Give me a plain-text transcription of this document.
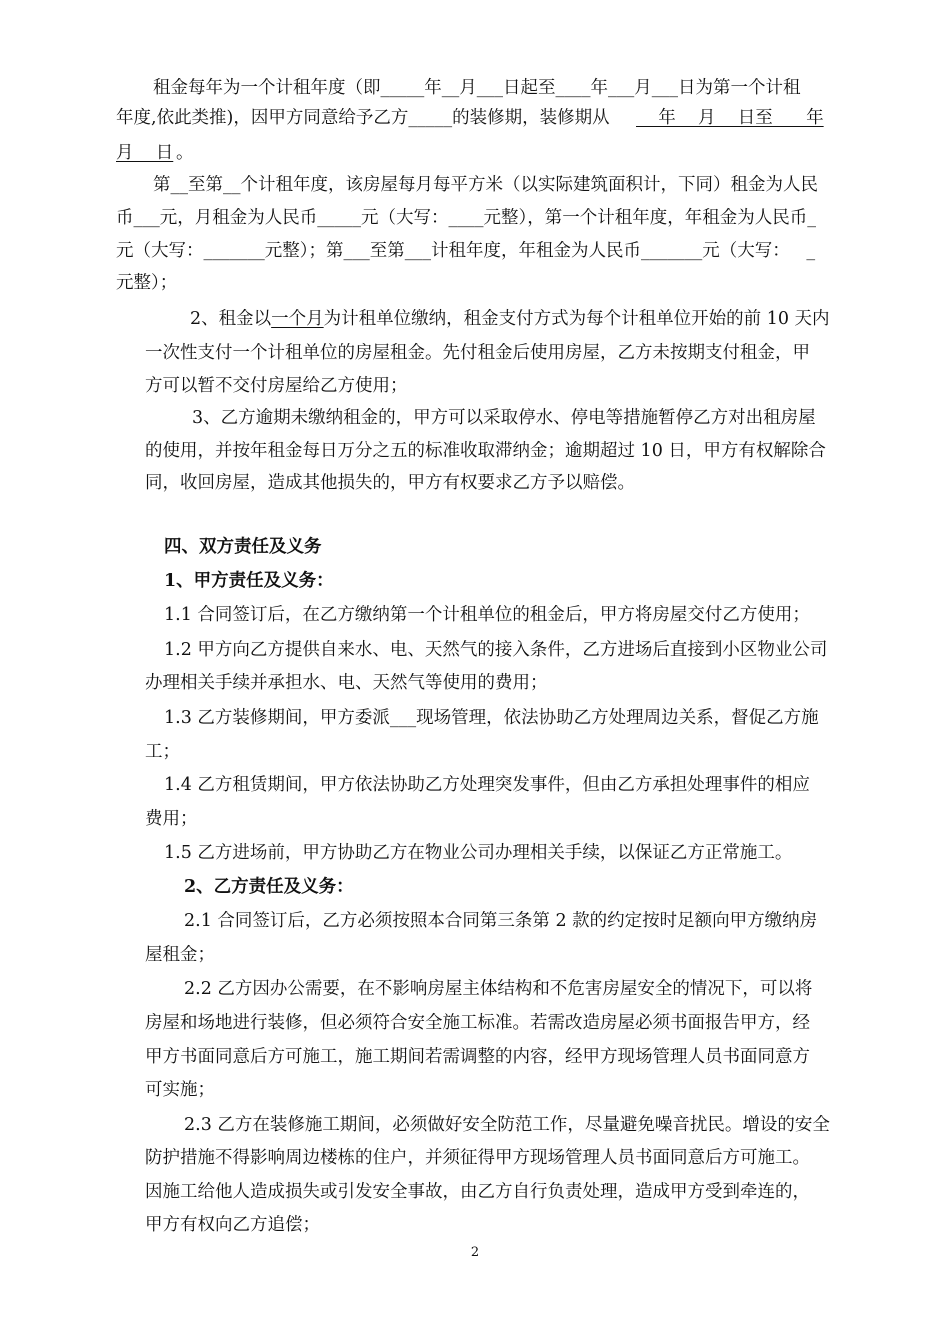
租金每年为一个计租年度（即_____年__月___日起至____年___月___日为第一个计租
年度,依此类推)，因甲方同意给予乙方_____的装修期，装修期从 年    月    日至      年
月    日 。
第__至第__个计租年度，该房屋每月每平方米（以实际建筑面积计，下同）租金为人民
币___元，月租金为人民币_____元（大写：____元整），第一个计租年度，年租金为人民币_
元（大写：_______元整）；第___至第___计租年度，年租金为人民币_______元（大写：   _
元整）；
2、租金以一个月为计租单位缴纳，租金支付方式为每个计租单位开始的前 10 天内
一次性支付一个计租单位的房屋租金。先付租金后使用房屋，乙方未按期支付租金，甲
方可以暂不交付房屋给乙方使用；
3、乙方逾期未缴纳租金的，甲方可以采取停水、停电等措施暂停乙方对出租房屋
的使用，并按年租金每日万分之五的标准收取滞纳金；逾期超过 10 日，甲方有权解除合
同，收回房屋，造成其他损失的，甲方有权要求乙方予以赔偿。
四、双方责任及义务
1、甲方责任及义务：
1.1 合同签订后，在乙方缴纳第一个计租单位的租金后，甲方将房屋交付乙方使用；
1.2 甲方向乙方提供自来水、电、天然气的接入条件，乙方进场后直接到小区物业公司
办理相关手续并承担水、电、天然气等使用的费用；
1.3 乙方装修期间，甲方委派___现场管理，依法协助乙方处理周边关系，督促乙方施
工；
1.4 乙方租赁期间，甲方依法协助乙方处理突发事件，但由乙方承担处理事件的相应
费用；
1.5 乙方进场前，甲方协助乙方在物业公司办理相关手续，以保证乙方正常施工。
2、乙方责任及义务：
2.1 合同签订后，乙方必须按照本合同第三条第 2 款的约定按时足额向甲方缴纳房
屋租金；
2.2 乙方因办公需要，在不影响房屋主体结构和不危害房屋安全的情况下，可以将
房屋和场地进行装修，但必须符合安全施工标准。若需改造房屋必须书面报告甲方，经
甲方书面同意后方可施工，施工期间若需调整的内容，经甲方现场管理人员书面同意方
可实施；
2.3 乙方在装修施工期间，必须做好安全防范工作，尽量避免噪音扰民。增设的安全
防护措施不得影响周边楼栋的住户，并须征得甲方现场管理人员书面同意后方可施工。
因施工给他人造成损失或引发安全事故，由乙方自行负责处理，造成甲方受到牵连的，
甲方有权向乙方追偿；
2
